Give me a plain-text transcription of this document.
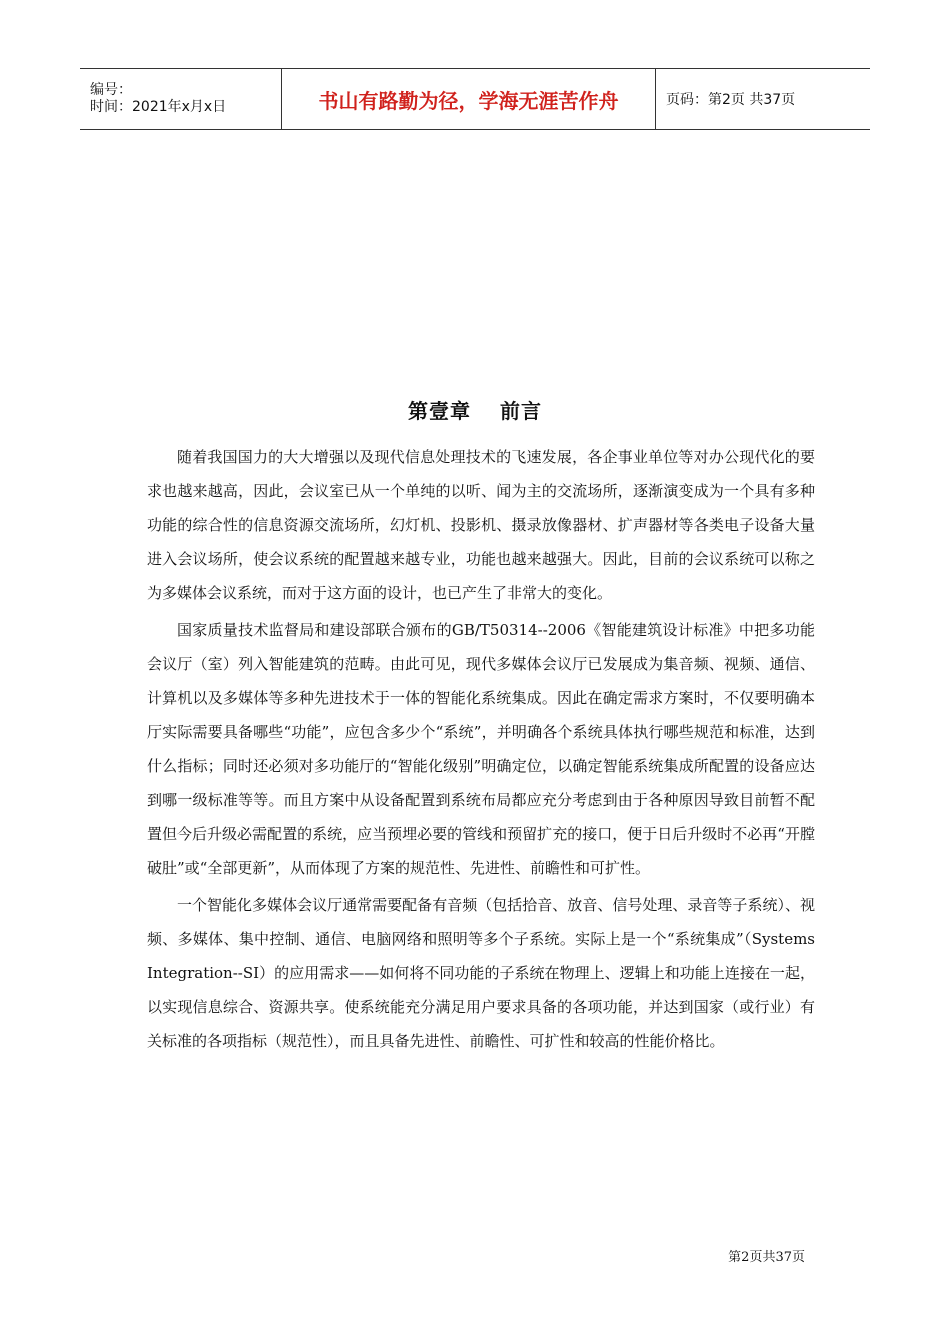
编号：
时间：2021年x月x日	书山有路勤为径，学海无涯苦作舟	页码：第2页 共37页
第壹章　 前言

随着我国国力的大大增强以及现代信息处理技术的飞速发展，各企事业单位等对办公现代化的要求也越来越高，因此，会议室已从一个单纯的以听、闻为主的交流场所，逐渐演变成为一个具有多种功能的综合性的信息资源交流场所，幻灯机、投影机、摄录放像器材、扩声器材等各类电子设备大量进入会议场所，使会议系统的配置越来越专业，功能也越来越强大。因此，目前的会议系统可以称之为多媒体会议系统，而对于这方面的设计，也已产生了非常大的变化。

国家质量技术监督局和建设部联合颁布的GB/T50314--2006《智能建筑设计标准》中把多功能会议厅（室）列入智能建筑的范畴。由此可见，现代多媒体会议厅已发展成为集音频、视频、通信、计算机以及多媒体等多种先进技术于一体的智能化系统集成。因此在确定需求方案时，不仅要明确本厅实际需要具备哪些“功能”，应包含多少个“系统”，并明确各个系统具体执行哪些规范和标准，达到什么指标；同时还必须对多功能厅的“智能化级别”明确定位，以确定智能系统集成所配置的设备应达到哪一级标准等等。而且方案中从设备配置到系统布局都应充分考虑到由于各种原因导致目前暂不配置但今后升级必需配置的系统，应当预埋必要的管线和预留扩充的接口，便于日后升级时不必再“开膛破肚”或“全部更新”，从而体现了方案的规范性、先进性、前瞻性和可扩性。

一个智能化多媒体会议厅通常需要配备有音频（包括拾音、放音、信号处理、录音等子系统）、视频、多媒体、集中控制、通信、电脑网络和照明等多个子系统。实际上是一个“系统集成”（Systems Integration--SI）的应用需求——如何将不同功能的子系统在物理上、逻辑上和功能上连接在一起，以实现信息综合、资源共享。使系统能充分满足用户要求具备的各项功能，并达到国家（或行业）有关标准的各项指标（规范性），而且具备先进性、前瞻性、可扩性和较高的性能价格比。

第2页共37页
